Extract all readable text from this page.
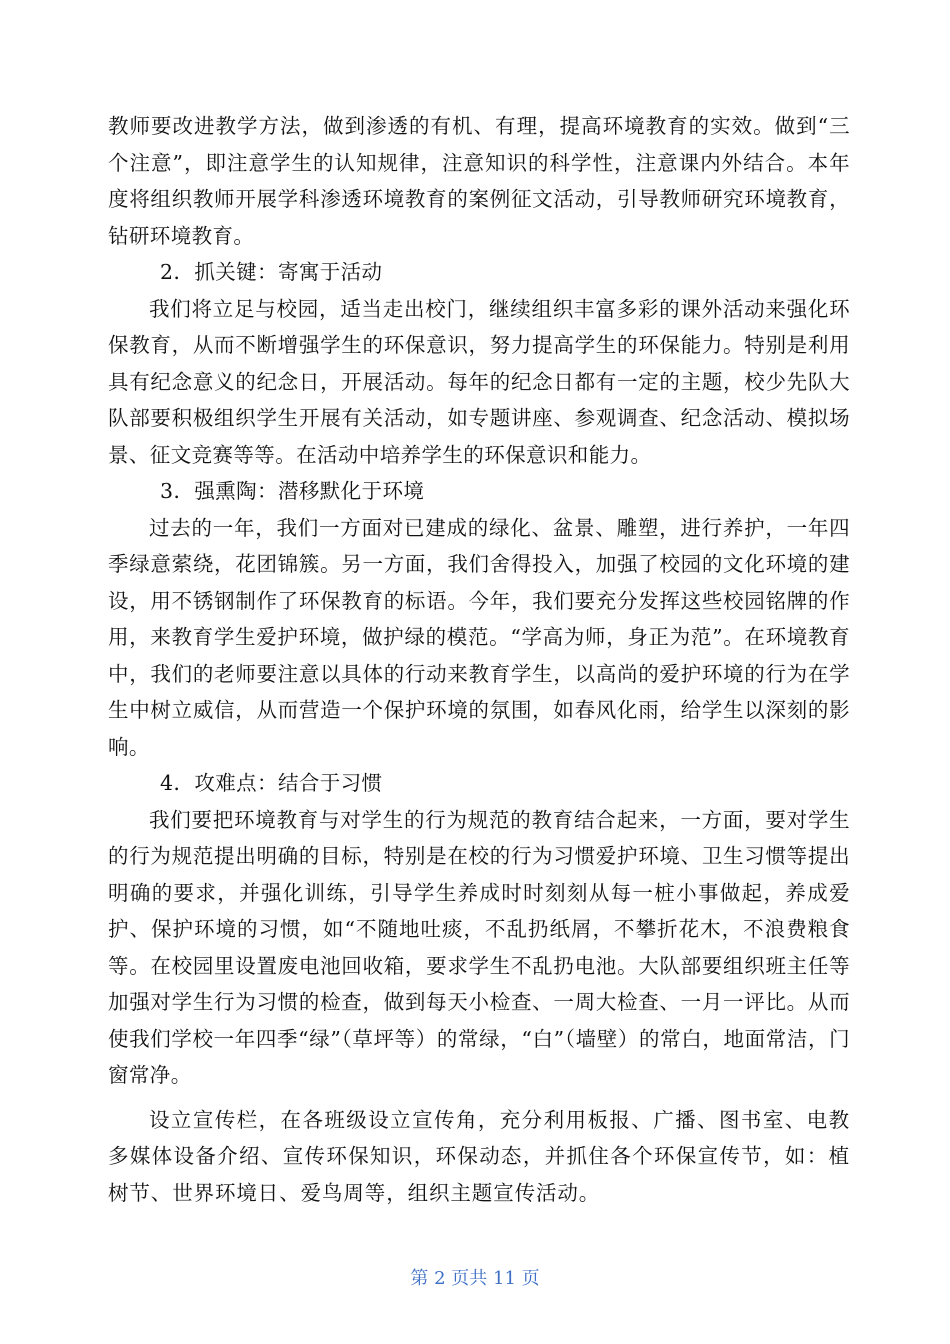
教师要改进教学方法，做到渗透的有机、有理，提高环境教育的实效。做到“三个注意”，即注意学生的认知规律，注意知识的科学性，注意课内外结合。本年度将组织教师开展学科渗透环境教育的案例征文活动，引导教师研究环境教育，钻研环境教育。

2．抓关键：寄寓于活动

我们将立足与校园，适当走出校门，继续组织丰富多彩的课外活动来强化环保教育，从而不断增强学生的环保意识，努力提高学生的环保能力。特别是利用具有纪念意义的纪念日，开展活动。每年的纪念日都有一定的主题，校少先队大队部要积极组织学生开展有关活动，如专题讲座、参观调查、纪念活动、模拟场景、征文竞赛等等。在活动中培养学生的环保意识和能力。

3．强熏陶：潜移默化于环境

过去的一年，我们一方面对已建成的绿化、盆景、雕塑，进行养护，一年四季绿意萦绕，花团锦簇。另一方面，我们舍得投入，加强了校园的文化环境的建设，用不锈钢制作了环保教育的标语。今年，我们要充分发挥这些校园铭牌的作用，来教育学生爱护环境，做护绿的模范。“学高为师，身正为范”。在环境教育中，我们的老师要注意以具体的行动来教育学生，以高尚的爱护环境的行为在学生中树立威信，从而营造一个保护环境的氛围，如春风化雨，给学生以深刻的影响。

4．攻难点：结合于习惯

我们要把环境教育与对学生的行为规范的教育结合起来，一方面，要对学生的行为规范提出明确的目标，特别是在校的行为习惯爱护环境、卫生习惯等提出明确的要求，并强化训练，引导学生养成时时刻刻从每一桩小事做起，养成爱护、保护环境的习惯，如“不随地吐痰，不乱扔纸屑，不攀折花木，不浪费粮食等。在校园里设置废电池回收箱，要求学生不乱扔电池。大队部要组织班主任等加强对学生行为习惯的检查，做到每天小检查、一周大检查、一月一评比。从而使我们学校一年四季“绿”（草坪等）的常绿，“白”（墙壁）的常白，地面常洁，门窗常净。

设立宣传栏，在各班级设立宣传角，充分利用板报、广播、图书室、电教多媒体设备介绍、宣传环保知识，环保动态，并抓住各个环保宣传节，如：植树节、世界环境日、爱鸟周等，组织主题宣传活动。

第 2 页共 11 页
